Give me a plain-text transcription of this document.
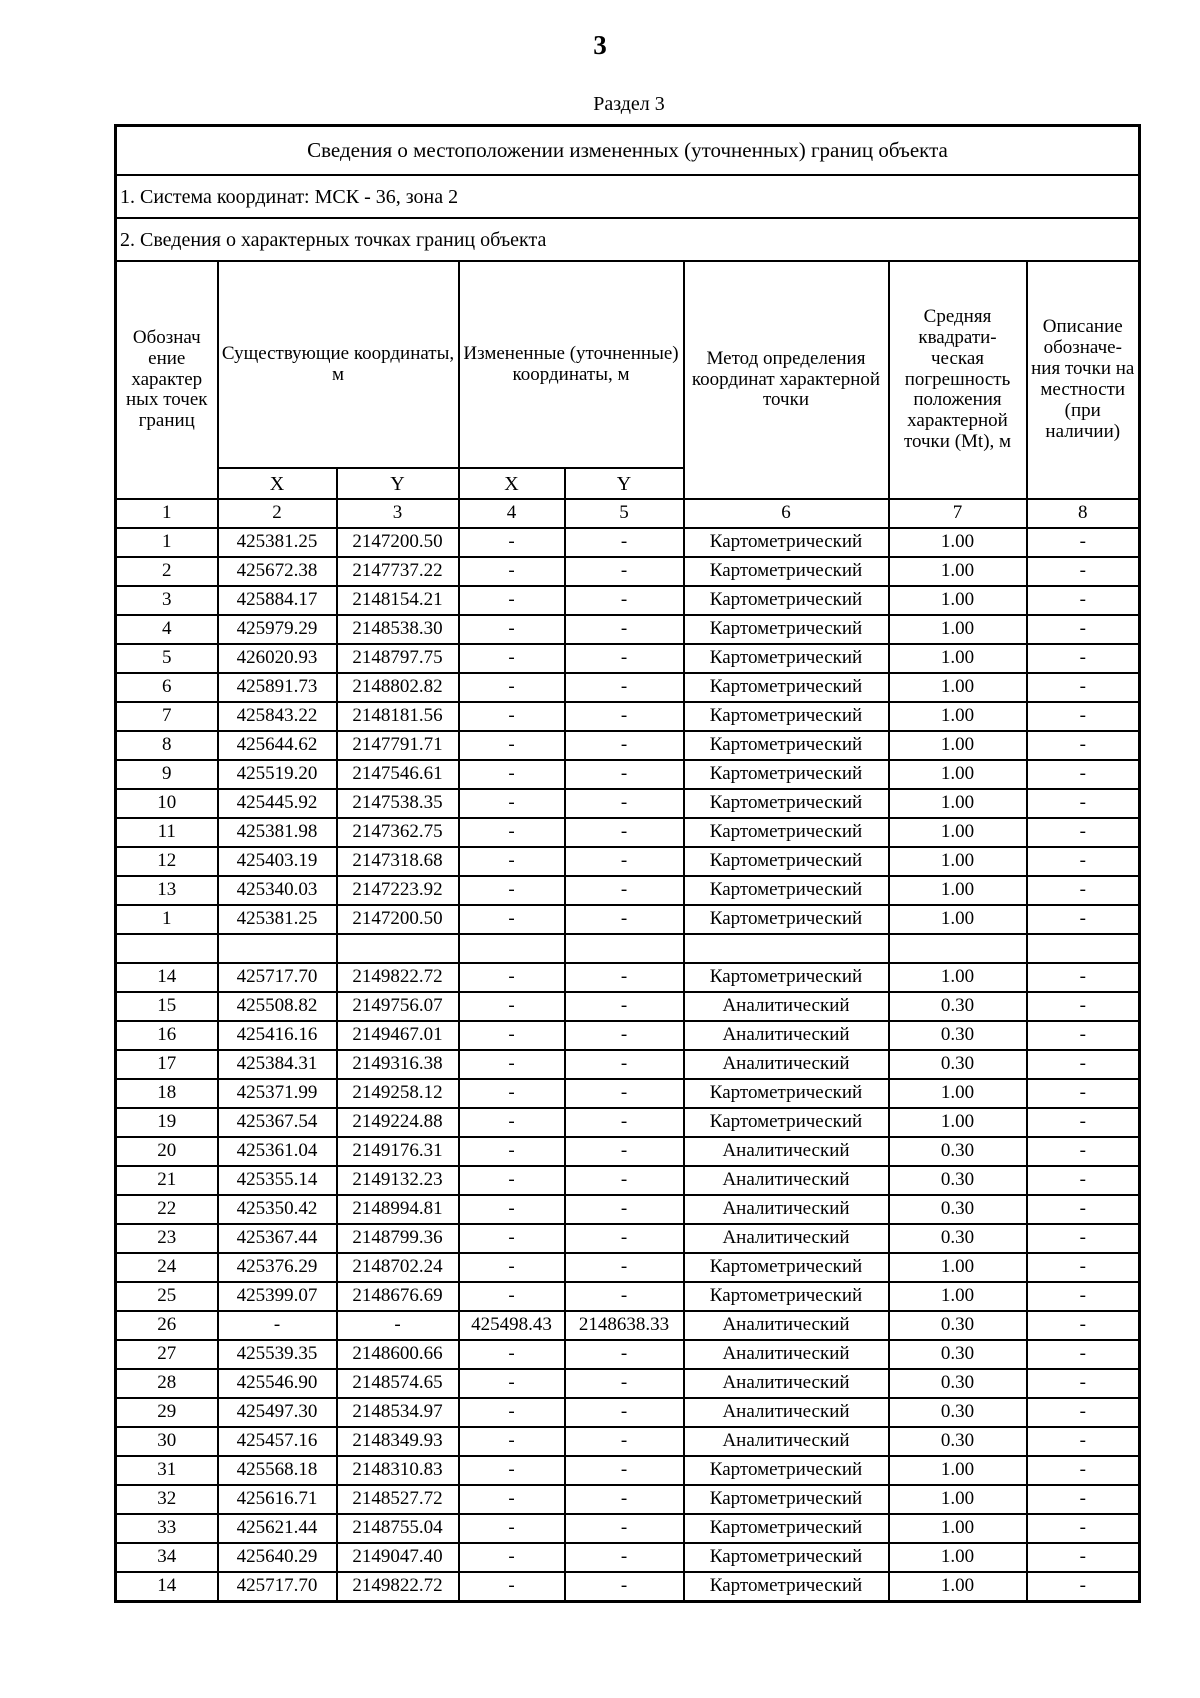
3
Раздел 3
Сведения о местоположении измененных (уточненных) границ объекта							
1. Система координат: МСК - 36, зона 2							
2. Сведения о характерных точках границ объекта							
Обознач ение характер ных точек границ	Существующие координаты, м		Измененные (уточненные) координаты, м		Метод определения координат характерной точки	Средняя квадрати- ческая погрешность положения характерной точки (Mt), м	Описание обозначе- ния точки на местности (при наличии)
	X	Y	X	Y			
1	2	3	4	5	6	7	8
1	425381.25	2147200.50	-	-	Картометрический	1.00	-
2	425672.38	2147737.22	-	-	Картометрический	1.00	-
3	425884.17	2148154.21	-	-	Картометрический	1.00	-
4	425979.29	2148538.30	-	-	Картометрический	1.00	-
5	426020.93	2148797.75	-	-	Картометрический	1.00	-
6	425891.73	2148802.82	-	-	Картометрический	1.00	-
7	425843.22	2148181.56	-	-	Картометрический	1.00	-
8	425644.62	2147791.71	-	-	Картометрический	1.00	-
9	425519.20	2147546.61	-	-	Картометрический	1.00	-
10	425445.92	2147538.35	-	-	Картометрический	1.00	-
11	425381.98	2147362.75	-	-	Картометрический	1.00	-
12	425403.19	2147318.68	-	-	Картометрический	1.00	-
13	425340.03	2147223.92	-	-	Картометрический	1.00	-
1	425381.25	2147200.50	-	-	Картометрический	1.00	-

14	425717.70	2149822.72	-	-	Картометрический	1.00	-
15	425508.82	2149756.07	-	-	Аналитический	0.30	-
16	425416.16	2149467.01	-	-	Аналитический	0.30	-
17	425384.31	2149316.38	-	-	Аналитический	0.30	-
18	425371.99	2149258.12	-	-	Картометрический	1.00	-
19	425367.54	2149224.88	-	-	Картометрический	1.00	-
20	425361.04	2149176.31	-	-	Аналитический	0.30	-
21	425355.14	2149132.23	-	-	Аналитический	0.30	-
22	425350.42	2148994.81	-	-	Аналитический	0.30	-
23	425367.44	2148799.36	-	-	Аналитический	0.30	-
24	425376.29	2148702.24	-	-	Картометрический	1.00	-
25	425399.07	2148676.69	-	-	Картометрический	1.00	-
26	-	-	425498.43	2148638.33	Аналитический	0.30	-
27	425539.35	2148600.66	-	-	Аналитический	0.30	-
28	425546.90	2148574.65	-	-	Аналитический	0.30	-
29	425497.30	2148534.97	-	-	Аналитический	0.30	-
30	425457.16	2148349.93	-	-	Аналитический	0.30	-
31	425568.18	2148310.83	-	-	Картометрический	1.00	-
32	425616.71	2148527.72	-	-	Картометрический	1.00	-
33	425621.44	2148755.04	-	-	Картометрический	1.00	-
34	425640.29	2149047.40	-	-	Картометрический	1.00	-
14	425717.70	2149822.72	-	-	Картометрический	1.00	-
